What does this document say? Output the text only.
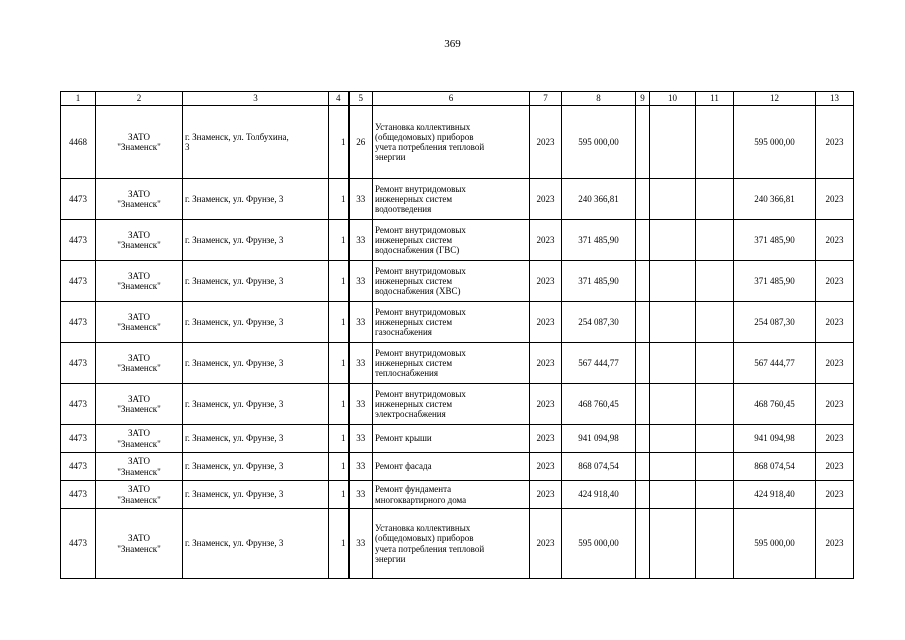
369
1	2	3	4	5	6	7	8	9	10	11	12	13
4468	ЗАТО
"Знаменск"	г. Знаменск, ул. Толбухина,
3	1	26	Установка коллективных
(общедомовых) приборов
учета потребления тепловой
энергии	2023	595 000,00				595 000,00	2023
4473	ЗАТО
"Знаменск"	г. Знаменск, ул. Фрунзе, 3	1	33	Ремонт внутридомовых
инженерных систем
водоотведения	2023	240 366,81				240 366,81	2023
4473	ЗАТО
"Знаменск"	г. Знаменск, ул. Фрунзе, 3	1	33	Ремонт внутридомовых
инженерных систем
водоснабжения (ГВС)	2023	371 485,90				371 485,90	2023
4473	ЗАТО
"Знаменск"	г. Знаменск, ул. Фрунзе, 3	1	33	Ремонт внутридомовых
инженерных систем
водоснабжения (ХВС)	2023	371 485,90				371 485,90	2023
4473	ЗАТО
"Знаменск"	г. Знаменск, ул. Фрунзе, 3	1	33	Ремонт внутридомовых
инженерных систем
газоснабжения	2023	254 087,30				254 087,30	2023
4473	ЗАТО
"Знаменск"	г. Знаменск, ул. Фрунзе, 3	1	33	Ремонт внутридомовых
инженерных систем
теплоснабжения	2023	567 444,77				567 444,77	2023
4473	ЗАТО
"Знаменск"	г. Знаменск, ул. Фрунзе, 3	1	33	Ремонт внутридомовых
инженерных систем
электроснабжения	2023	468 760,45				468 760,45	2023
4473	ЗАТО
"Знаменск"	г. Знаменск, ул. Фрунзе, 3	1	33	Ремонт крыши	2023	941 094,98				941 094,98	2023
4473	ЗАТО
"Знаменск"	г. Знаменск, ул. Фрунзе, 3	1	33	Ремонт фасада	2023	868 074,54				868 074,54	2023
4473	ЗАТО
"Знаменск"	г. Знаменск, ул. Фрунзе, 3	1	33	Ремонт фундамента
многоквартирного дома	2023	424 918,40				424 918,40	2023
4473	ЗАТО
"Знаменск"	г. Знаменск, ул. Фрунзе, 3	1	33	Установка коллективных
(общедомовых) приборов
учета потребления тепловой
энергии	2023	595 000,00				595 000,00	2023
